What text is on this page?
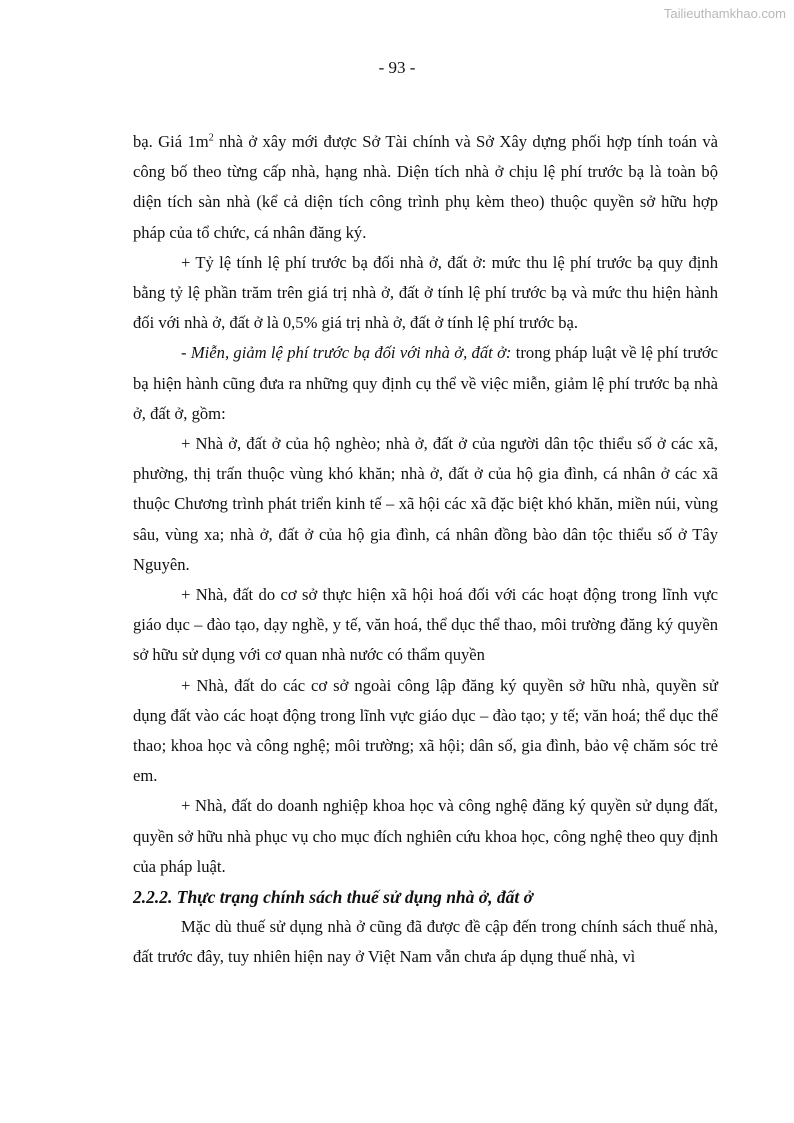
Tailieuthamkhao.com
- 93 -

bạ. Giá $1m^2$ nhà ở xây mới được Sở Tài chính và Sở Xây dựng phối hợp tính toán và công bố theo từng cấp nhà, hạng nhà. Diện tích nhà ở chịu lệ phí trước bạ là toàn bộ diện tích sàn nhà (kể cả diện tích công trình phụ kèm theo) thuộc quyền sở hữu hợp pháp của tổ chức, cá nhân đăng ký.

+ Tỷ lệ tính lệ phí trước bạ đối nhà ở, đất ở: mức thu lệ phí trước bạ quy định bằng tỷ lệ phần trăm trên giá trị nhà ở, đất ở tính lệ phí trước bạ và mức thu hiện hành đối với nhà ở, đất ở là 0,5% giá trị nhà ở, đất ở tính lệ phí trước bạ.

- Miễn, giảm lệ phí trước bạ đối với nhà ở, đất ở: trong pháp luật về lệ phí trước bạ hiện hành cũng đưa ra những quy định cụ thể về việc miễn, giảm lệ phí trước bạ nhà ở, đất ở, gồm:

+ Nhà ở, đất ở của hộ nghèo; nhà ở, đất ở của người dân tộc thiểu số ở các xã, phường, thị trấn thuộc vùng khó khăn; nhà ở, đất ở của hộ gia đình, cá nhân ở các xã thuộc Chương trình phát triển kinh tế – xã hội các xã đặc biệt khó khăn, miền núi, vùng sâu, vùng xa; nhà ở, đất ở của hộ gia đình, cá nhân đồng bào dân tộc thiểu số ở Tây Nguyên.

+ Nhà, đất do cơ sở thực hiện xã hội hoá đối với các hoạt động trong lĩnh vực giáo dục – đào tạo, dạy nghề, y tế, văn hoá, thể dục thể thao, môi trường đăng ký quyền sở hữu sử dụng với cơ quan nhà nước có thẩm quyền

+ Nhà, đất do các cơ sở ngoài công lập đăng ký quyền sở hữu nhà, quyền sử dụng đất vào các hoạt động trong lĩnh vực giáo dục – đào tạo; y tế; văn hoá; thể dục thể thao; khoa học và công nghệ; môi trường; xã hội; dân số, gia đình, bảo vệ chăm sóc trẻ em.

+ Nhà, đất do doanh nghiệp khoa học và công nghệ đăng ký quyền sử dụng đất, quyền sở hữu nhà phục vụ cho mục đích nghiên cứu khoa học, công nghệ theo quy định của pháp luật.

2.2.2. Thực trạng chính sách thuế sử dụng nhà ở, đất ở

Mặc dù thuế sử dụng nhà ở cũng đã được đề cập đến trong chính sách thuế nhà, đất trước đây, tuy nhiên hiện nay ở Việt Nam vẫn chưa áp dụng thuế nhà, vì
